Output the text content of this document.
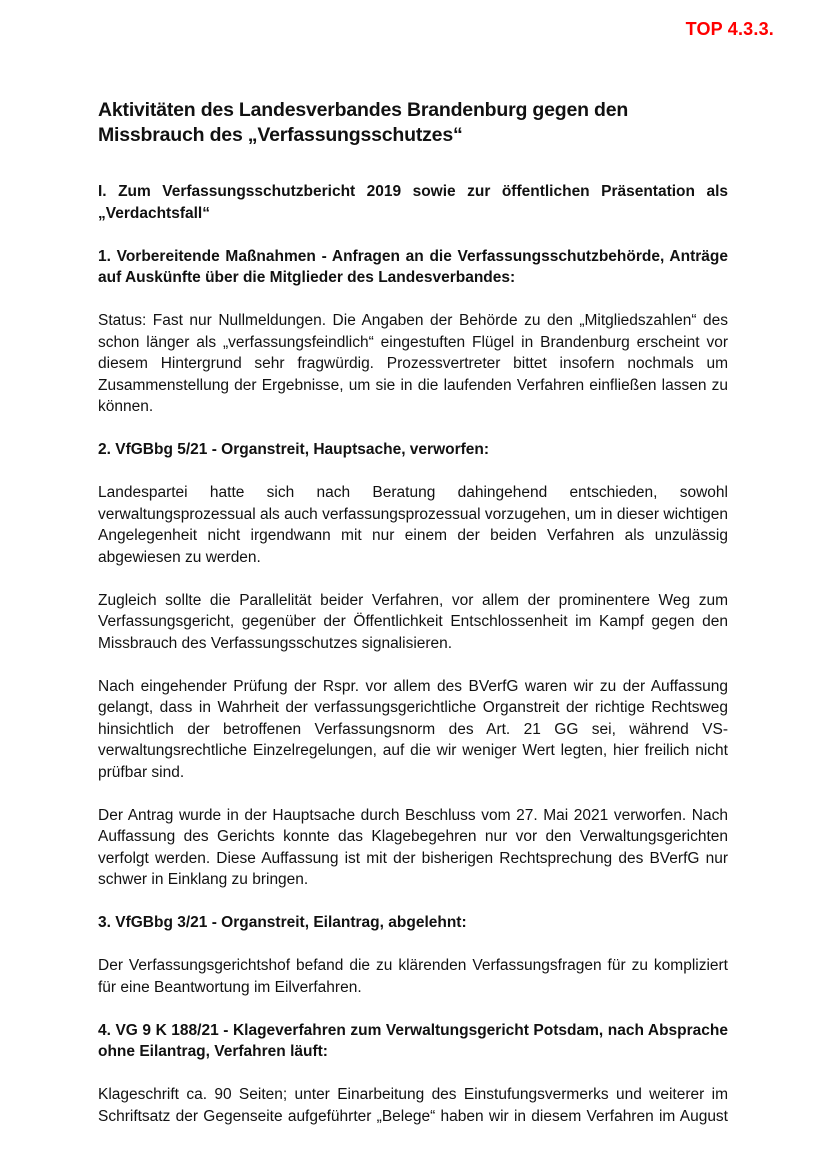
TOP 4.3.3.
Aktivitäten des Landesverbandes Brandenburg gegen den Missbrauch des „Verfassungsschutzes“

I. Zum Verfassungsschutzbericht 2019 sowie zur öffentlichen Präsentation als „Verdachtsfall“

1. Vorbereitende Maßnahmen - Anfragen an die Verfassungsschutzbehörde, Anträge auf Auskünfte über die Mitglieder des Landesverbandes:

Status: Fast nur Nullmeldungen. Die Angaben der Behörde zu den „Mitgliedszahlen“ des schon länger als „verfassungsfeindlich“ eingestuften Flügel in Brandenburg erscheint vor diesem Hintergrund sehr fragwürdig. Prozessvertreter bittet insofern nochmals um Zusammenstellung der Ergebnisse, um sie in die laufenden Verfahren einfließen lassen zu können.

2. VfGBbg 5/21 - Organstreit, Hauptsache, verworfen:

Landespartei hatte sich nach Beratung dahingehend entschieden, sowohl verwaltungsprozessual als auch verfassungsprozessual vorzugehen, um in dieser wichtigen Angelegenheit nicht irgendwann mit nur einem der beiden Verfahren als unzulässig abgewiesen zu werden.

Zugleich sollte die Parallelität beider Verfahren, vor allem der prominentere Weg zum Verfassungsgericht, gegenüber der Öffentlichkeit Entschlossenheit im Kampf gegen den Missbrauch des Verfassungsschutzes signalisieren.

Nach eingehender Prüfung der Rspr. vor allem des BVerfG waren wir zu der Auffassung gelangt, dass in Wahrheit der verfassungsgerichtliche Organstreit der richtige Rechtsweg hinsichtlich der betroffenen Verfassungsnorm des Art. 21 GG sei, während VS-verwaltungsrechtliche Einzelregelungen, auf die wir weniger Wert legten, hier freilich nicht prüfbar sind.

Der Antrag wurde in der Hauptsache durch Beschluss vom 27. Mai 2021 verworfen. Nach Auffassung des Gerichts konnte das Klagebegehren nur vor den Verwaltungsgerichten verfolgt werden. Diese Auffassung ist mit der bisherigen Rechtsprechung des BVerfG nur schwer in Einklang zu bringen.

3. VfGBbg 3/21 - Organstreit, Eilantrag, abgelehnt:

Der Verfassungsgerichtshof befand die zu klärenden Verfassungsfragen für zu kompliziert für eine Beantwortung im Eilverfahren.

4. VG 9 K 188/21 - Klageverfahren zum Verwaltungsgericht Potsdam, nach Absprache ohne Eilantrag, Verfahren läuft:

Klageschrift ca. 90 Seiten; unter Einarbeitung des Einstufungsvermerks und weiterer im Schriftsatz der Gegenseite aufgeführter „Belege“ haben wir in diesem Verfahren im August
